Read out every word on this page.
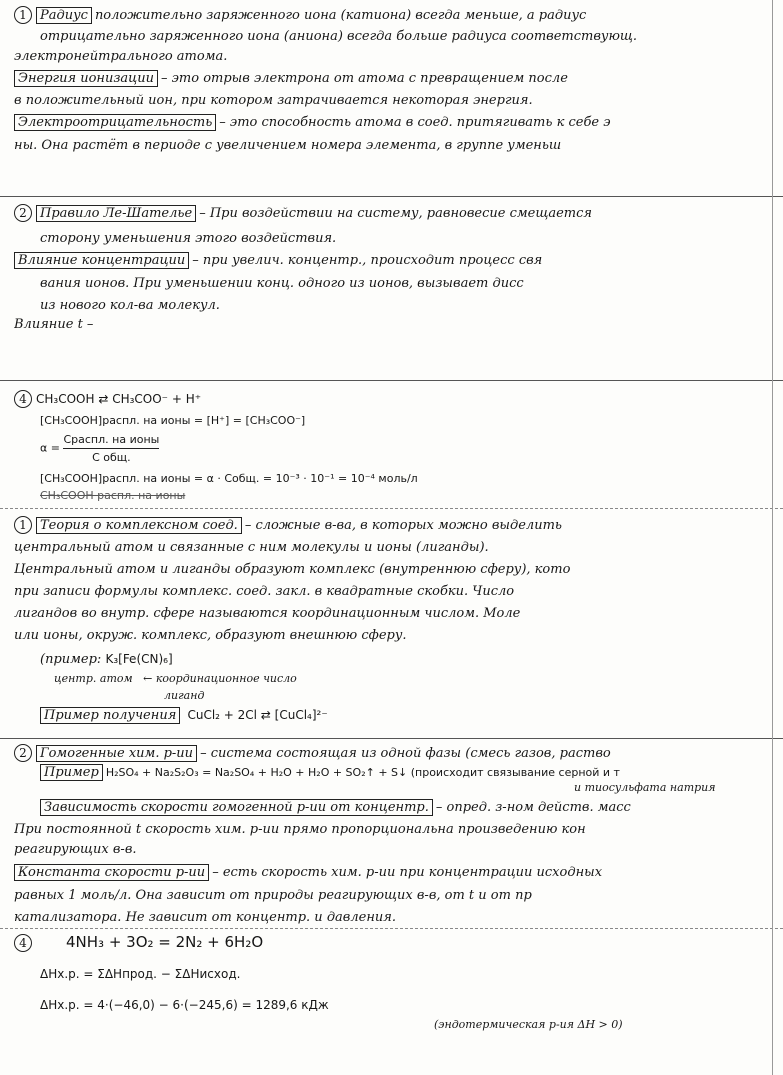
1 Радиус положительно заряженного иона (катиона) всегда меньше, а радиус
отрицательно заряженного иона (аниона) всегда больше радиуса соответствующ.
электронейтрального атома.
Энергия ионизации – это отрыв электрона от атома с превращением после
в положительный ион, при котором затрачивается некоторая энергия.
Электроотрицательность – это способность атома в соед. притягивать к себе э
ны. Она растёт в периоде с увеличением номера элемента, в группе уменьш
2 Правило Ле-Шателье – При воздействии на систему, равновесие смещается
сторону уменьшения этого воздействия.
Влияние концентрации – при увелич. концентр., происходит процесс свя
вания ионов. При уменьшении конц. одного из ионов, вызывает дисс
из нового кол-ва молекул.
Влияние t –
4 CH₃COOH ⇄ CH₃COO⁻ + H⁺
[CH₃COOH]распл. на ионы = [H⁺] = [CH₃COO⁻]
α =
Сраспл. на ионы
С общ.
[CH₃COOH]распл. на ионы = α · Собщ. = 10⁻³ · 10⁻¹ = 10⁻⁴ моль/л
CH₃COOH распл. на ионы
1 Теория о комплексном соед. – сложные в-ва, в которых можно выделить
центральный атом и связанные с ним молекулы и ионы (лиганды).
Центральный атом и лиганды образуют комплекс (внутреннюю сферу), кото
при записи формулы комплекс. соед. закл. в квадратные скобки. Число
лигандов во внутр. сфере называются координационным числом. Моле
или ионы, окруж. комплекс, образуют внешнюю сферу.
(пример: K₃[Fe(CN)₆]
центр. атом ← координационное число
лиганд
Пример получения CuCl₂ + 2Cl ⇄ [CuCl₄]²⁻
2 Гомогенные хим. р-ии – система состоящая из одной фазы (смесь газов, раство
Пример H₂SO₄ + Na₂S₂O₃ = Na₂SO₄ + H₂O + H₂O + SO₂↑ + S↓ (происходит связывание серной и т
и тиосульфата натрия
Зависимость скорости гомогенной р-ии от концентр. – опред. з-ном действ. масс
При постоянной t скорость хим. р-ии прямо пропорциональна произведению кон
реагирующих в-в.
Константа скорости р-ии – есть скорость хим. р-ии при концентрации исходных
равных 1 моль/л. Она зависит от природы реагирующих в-в, от t и от пр
катализатора. Не зависит от концентр. и давления.
4	4NH₃ + 3O₂ = 2N₂ + 6H₂O
ΔHх.р. = ΣΔHпрод. − ΣΔHисход.
ΔHх.р. = 4·(−46,0) − 6·(−245,6) = 1289,6 кДж
(эндотермическая р-ия ΔH > 0)
